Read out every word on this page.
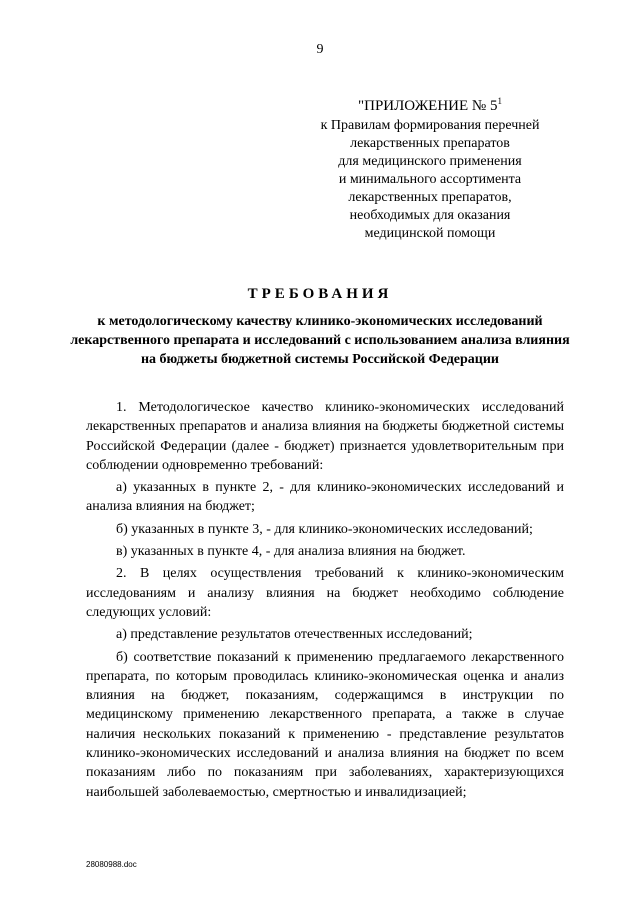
9
"ПРИЛОЖЕНИЕ № $5^1$
к Правилам формирования перечней
лекарственных препаратов
для медицинского применения
и минимального ассортимента
лекарственных препаратов,
необходимых для оказания
медицинской помощи
ТРЕБОВАНИЯ
к методологическому качеству клинико-экономических исследований лекарственного препарата и исследований с использованием анализа влияния на бюджеты бюджетной системы Российской Федерации

1. Методологическое качество клинико-экономических исследований лекарственных препаратов и анализа влияния на бюджеты бюджетной системы Российской Федерации (далее - бюджет) признается удовлетворительным при соблюдении одновременно требований:

а) указанных в пункте 2, - для клинико-экономических исследований и анализа влияния на бюджет;

б) указанных в пункте 3, - для клинико-экономических исследований;

в) указанных в пункте 4, - для анализа влияния на бюджет.

2. В целях осуществления требований к клинико-экономическим исследованиям и анализу влияния на бюджет необходимо соблюдение следующих условий:

а) представление результатов отечественных исследований;

б) соответствие показаний к применению предлагаемого лекарственного препарата, по которым проводилась клинико-экономическая оценка и анализ влияния на бюджет, показаниям, содержащимся в инструкции по медицинскому применению лекарственного препарата, а также в случае наличия нескольких показаний к применению - представление результатов клинико-экономических исследований и анализа влияния на бюджет по всем показаниям либо по показаниям при заболеваниях, характеризующихся наибольшей заболеваемостью, смертностью и инвалидизацией;

28080988.doc
